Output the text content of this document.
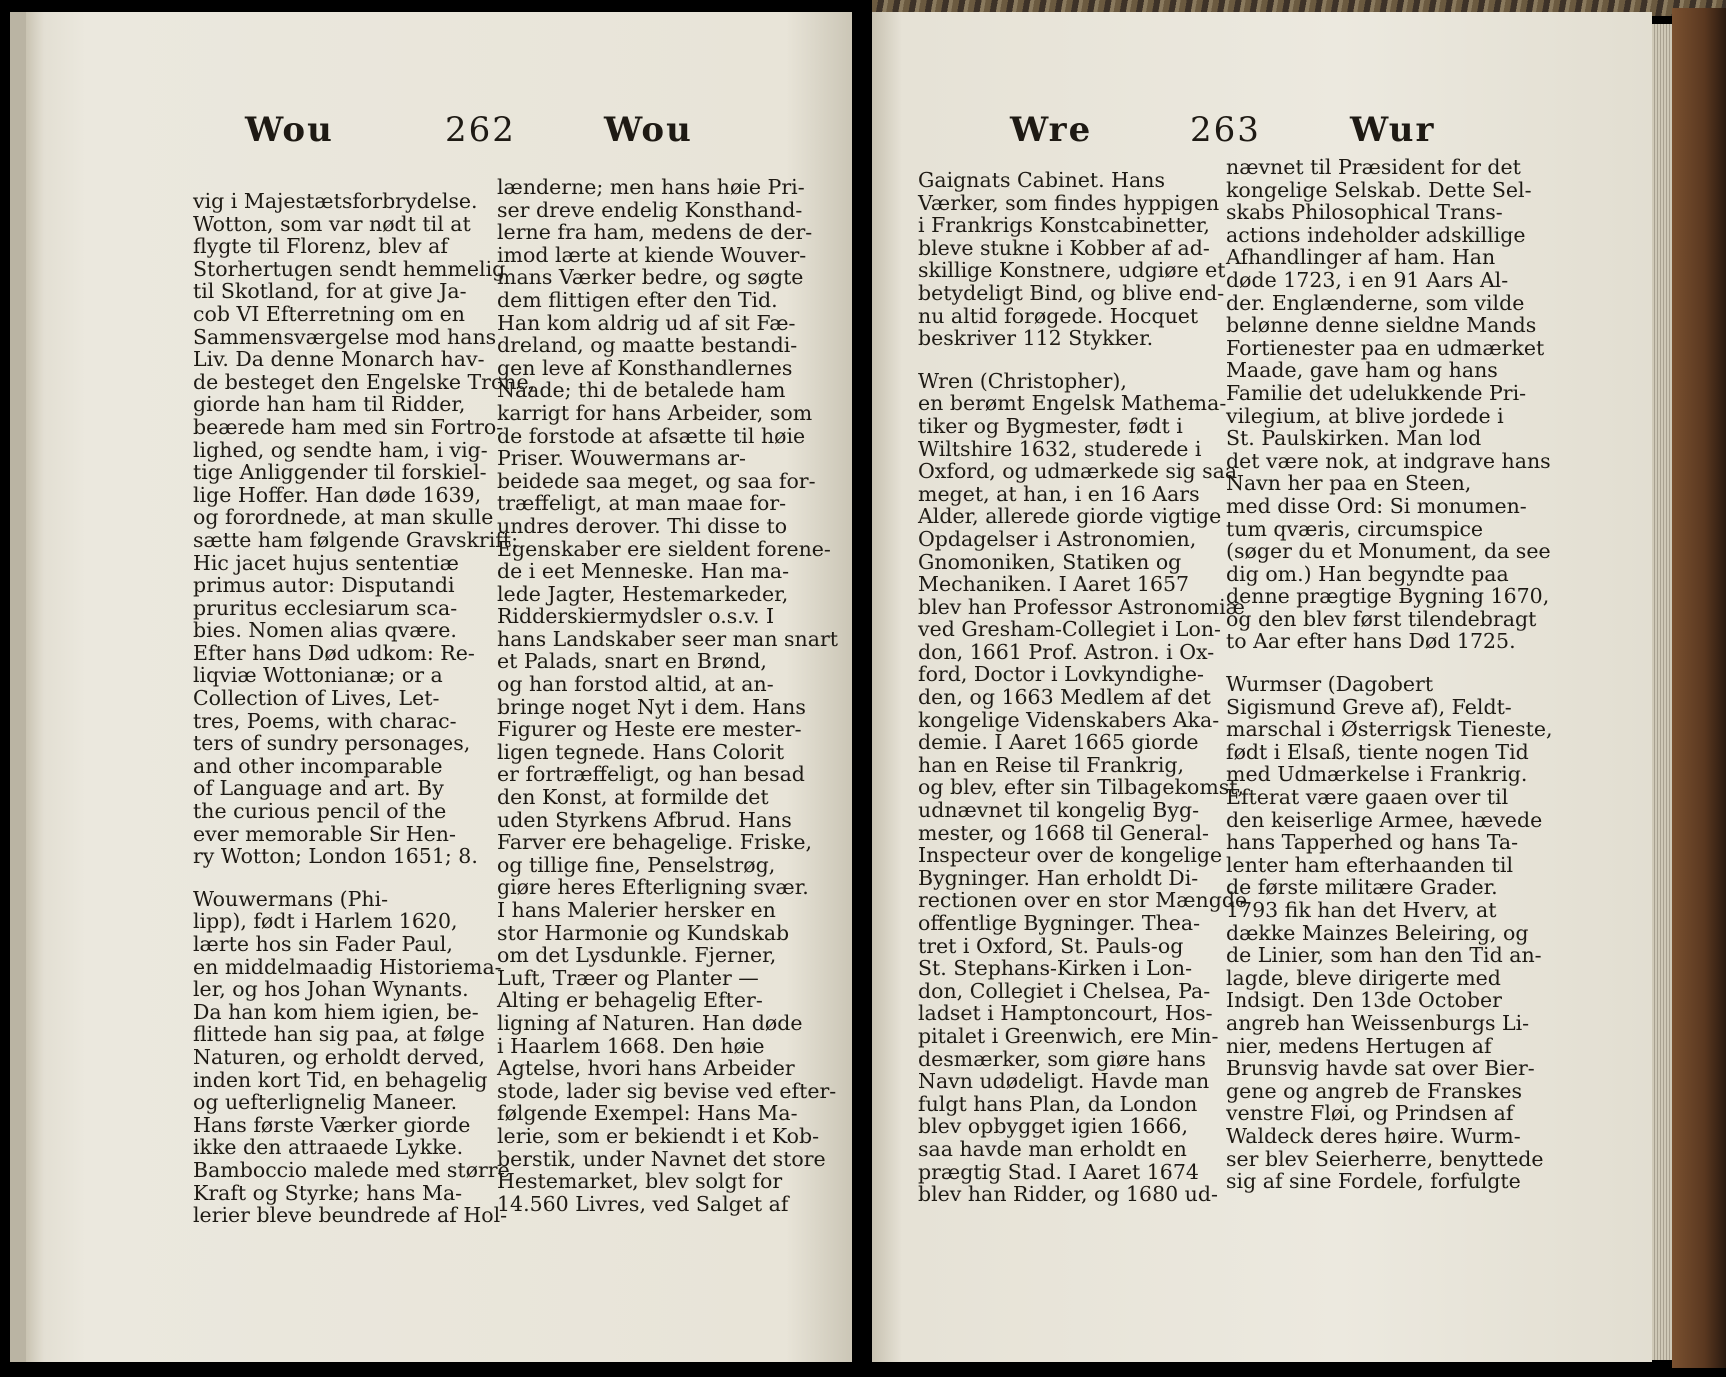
Wou	262	Wou	Wre	263	Wur

vig i Majestætsforbrydelse.

Wotton, som var nødt til at

flygte til Florenz, blev af

Storhertugen sendt hemmelig

til Skotland, for at give Ja-

cob VI Efterretning om en

Sammensværgelse mod hans

Liv. Da denne Monarch hav-

de besteget den Engelske Trone,

giorde han ham til Ridder,

beærede ham med sin Fortro-

lighed, og sendte ham, i vig-

tige Anliggender til forskiel-

lige Hoffer. Han døde 1639,

og forordnede, at man skulle

sætte ham følgende Gravskrift:

Hic jacet hujus sententiæ

primus autor: Disputandi

pruritus ecclesiarum sca-

bies. Nomen alias qvære.

Efter hans Død udkom: Re-

liqviæ Wottonianæ; or a

Collection of Lives, Let-

tres, Poems, with charac-

ters of sundry personages,

and other incomparable

of Language and art. By

the curious pencil of the

ever memorable Sir Hen-

ry Wotton; London 1651; 8.

Wouwermans (Phi-

lipp), født i Harlem 1620,

lærte hos sin Fader Paul,

en middelmaadig Historiema-

ler, og hos Johan Wynants.

Da han kom hiem igien, be-

flittede han sig paa, at følge

Naturen, og erholdt derved,

inden kort Tid, en behagelig

og uefterlignelig Maneer.

Hans første Værker giorde

ikke den attraaede Lykke.

Bamboccio malede med større

Kraft og Styrke; hans Ma-

lerier bleve beundrede af Hol-

lænderne; men hans høie Pri-

ser drevе endelig Konsthand-

lerne fra ham, medens de der-

imod lærte at kiende Wouver-

mans Værker bedre, og søgte

dem flittigen efter den Tid.

Han kom aldrig ud af sit Fæ-

dreland, og maatte bestandi-

gen leve af Konsthandlernes

Naade; thi de betalede ham

karrigt for hans Arbeider, som

de forstode at afsætte til høie

Priser. Wouwermans ar-

beidede saa meget, og saa for-

træffeligt, at man maae for-

undres derover. Thi disse to

Egenskaber ere sieldent forene-

de i eet Menneske. Han ma-

lede Jagter, Hestemarkeder,

Ridderskiermydsler o.s.v. I

hans Landskaber seer man snart

et Palads, snart en Brønd,

og han forstod altid, at an-

bringe noget Nyt i dem. Hans

Figurer og Heste ere mester-

ligen tegnede. Hans Colorit

er fortræffeligt, og han besad

den Konst, at formilde det

uden Styrkens Afbrud. Hans

Farver ere behagelige. Friske,

og tillige fine, Penselstrøg,

giøre heres Efterligning svær.

I hans Malerier hersker en

stor Harmonie og Kundskab

om det Lysdunkle. Fjerner,

Luft, Træer og Planter —

Alting er behagelig Efter-

ligning af Naturen. Han døde

i Haarlem 1668. Den høie

Agtelse, hvori hans Arbeider

stode, lader sig bevise ved efter-

følgende Exempel: Hans Ma-

lerie, som er bekiendt i et Kob-

berstik, under Navnet det store

Hestemarket, blev solgt for

14.560 Livres, ved Salget af

Gaignats Cabinet. Hans

Værker, som findes hyppigen

i Frankrigs Konstcabinetter,

bleve stukne i Kobber af ad-

skillige Konstnere, udgiøre et

betydeligt Bind, og blive end-

nu altid forøgede. Hocquet

beskriver 112 Stykker.

Wren (Christopher),

en berømt Engelsk Mathema-

tiker og Bygmester, født i

Wiltshire 1632, studerede i

Oxford, og udmærkede sig saa

meget, at han, i en 16 Aars

Alder, allerede giorde vigtige

Opdagelser i Astronomien,

Gnomoniken, Statiken og

Mechaniken. I Aaret 1657

blev han Professor Astronomiæ

ved Gresham-Collegiet i Lon-

don, 1661 Prof. Astron. i Ox-

ford, Doctor i Lovkyndighe-

den, og 1663 Medlem af det

kongelige Videnskabers Aka-

demie. I Aaret 1665 giorde

han en Reise til Frankrig,

og blev, efter sin Tilbagekomst,

udnævnet til kongelig Byg-

mester, og 1668 til General-

Inspecteur over de kongelige

Bygninger. Han erholdt Di-

rectionen over en stor Mængde

offentlige Bygninger. Thea-

tret i Oxford, St. Pauls-og

St. Stephans-Kirken i Lon-

don, Collegiet i Chelsea, Pa-

ladset i Hamptoncourt, Hos-

pitalet i Greenwich, ere Min-

desmærker, som giøre hans

Navn udødeligt. Havde man

fulgt hans Plan, da London

blev opbygget igien 1666,

saa havde man erholdt en

prægtig Stad. I Aaret 1674

blev han Ridder, og 1680 ud-

nævnet til Præsident for det

kongelige Selskab. Dette Sel-

skabs Philosophical Trans-

actions indeholder adskillige

Afhandlinger af ham. Han

døde 1723, i en 91 Aars Al-

der. Englænderne, som vilde

belønne denne sieldne Mands

Fortienester paa en udmærket

Maade, gave ham og hans

Familie det udelukkende Pri-

vilegium, at blive jordede i

St. Paulskirken. Man lod

det være nok, at indgrave hans

Navn her paa en Steen,

med disse Ord: Si monumen-

tum qværis, circumspice

(søger du et Monument, da see

dig om.) Han begyndte paa

denne prægtige Bygning 1670,

og den blev først tilendebragt

to Aar efter hans Død 1725.

Wurmser (Dagobert

Sigismund Greve af), Feldt-

marschal i Østerrigsk Tieneste,

født i Elsaß, tiente nogen Tid

med Udmærkelse i Frankrig.

Efterat være gaaen over til

den keiserlige Armee, hævede

hans Tapperhed og hans Ta-

lenter ham efterhaanden til

de første militære Grader.

1793 fik han det Hverv, at

dække Mainzes Beleiring, og

de Linier, som han den Tid an-

lagde, bleve dirigerte med

Indsigt. Den 13de October

angreb han Weissenburgs Li-

nier, medens Hertugen af

Brunsvig havde sat over Bier-

gene og angreb de Franskes

venstre Fløi, og Prindsen af

Waldeck deres høire. Wurm-

ser blev Seierherre, benyttede

sig af sine Fordele, forfulgte
